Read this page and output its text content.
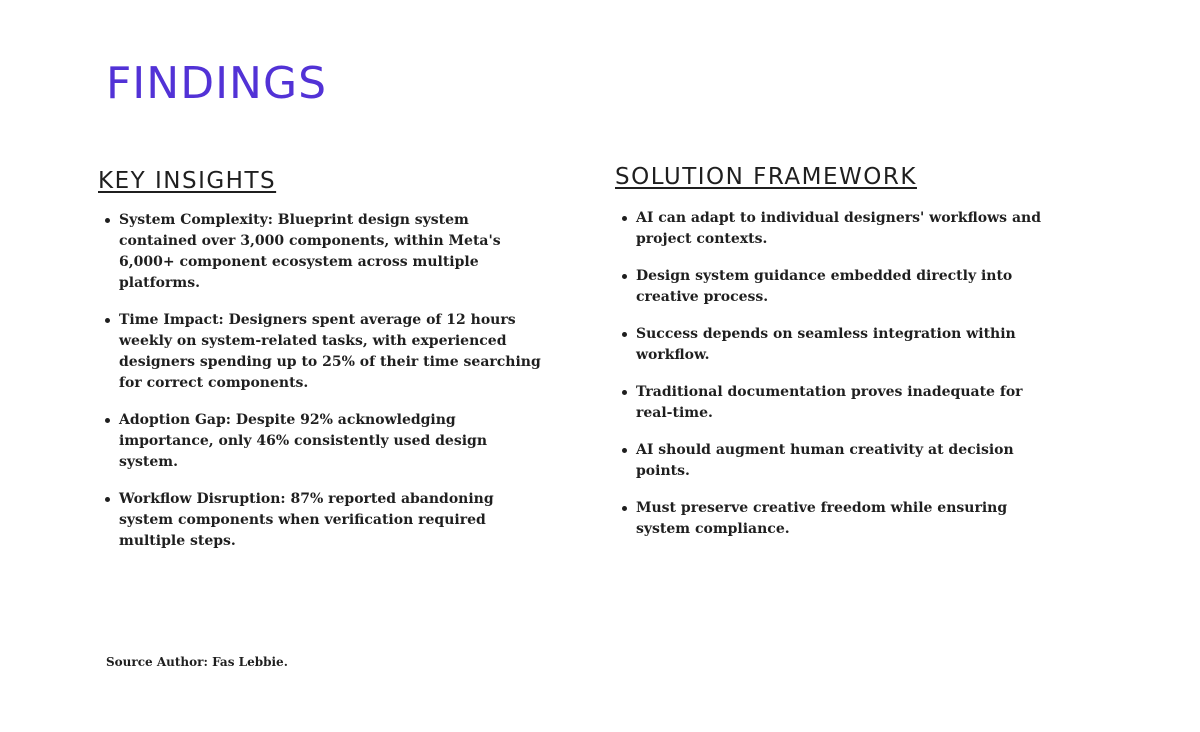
FINDINGS
KEY INSIGHTS
System Complexity: Blueprint design system contained over 3,000 components, within Meta's 6,000+ component ecosystem across multiple platforms.
Time Impact: Designers spent average of 12 hours weekly on system-related tasks, with experienced designers spending up to 25% of their time searching for correct components.
Adoption Gap: Despite 92% acknowledging importance, only 46% consistently used design system.
Workflow Disruption: 87% reported abandoning system components when verification required multiple steps.
SOLUTION FRAMEWORK
AI can adapt to individual designers' workflows and project contexts.
Design system guidance embedded directly into creative process.
Success depends on seamless integration within workflow.
Traditional documentation proves inadequate for real-time.
AI should augment human creativity at decision points.
Must preserve creative freedom while ensuring system compliance.

Source Author: Fas Lebbie.
